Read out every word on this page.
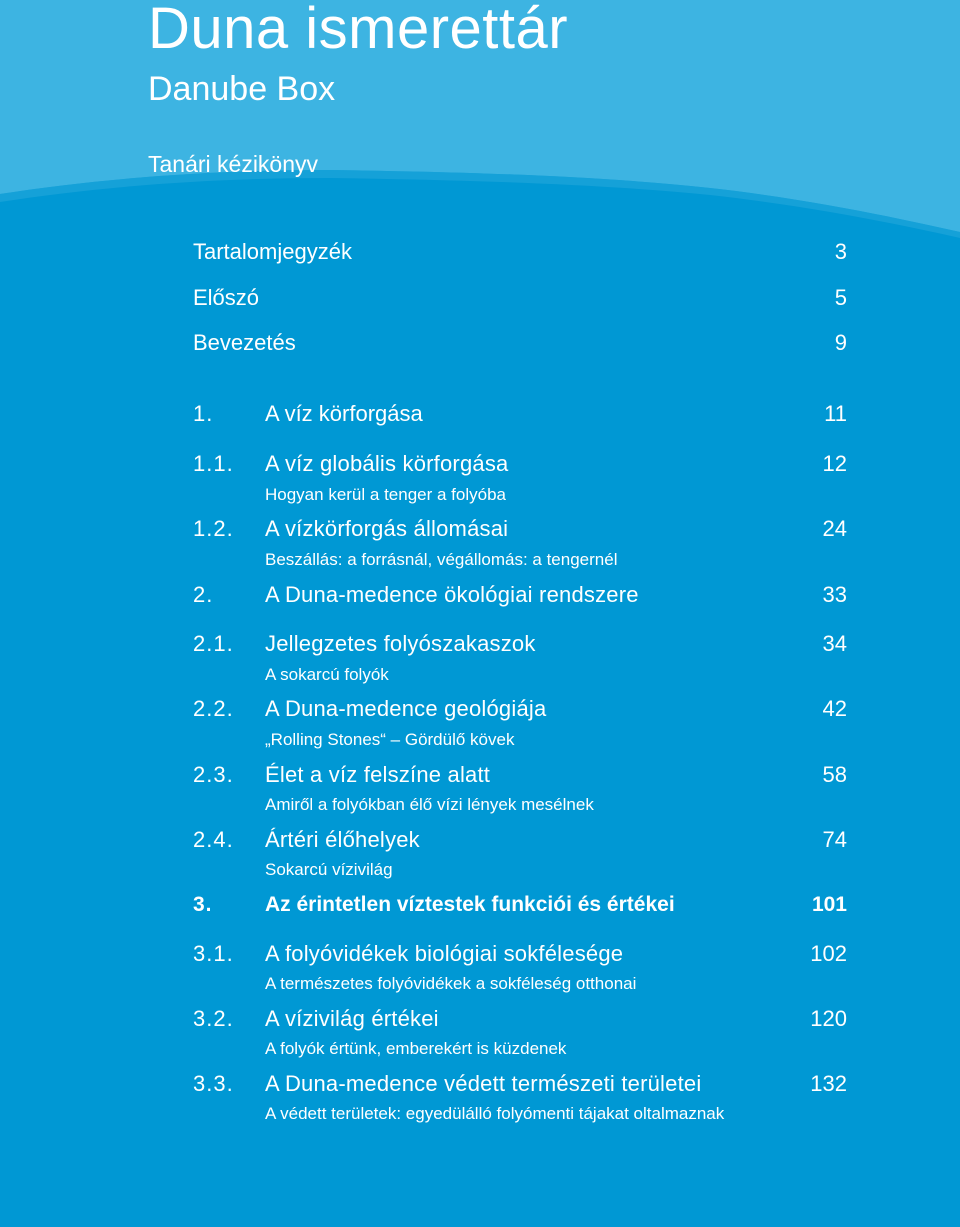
Duna ismerettár
Danube Box
Tanári kézikönyv
Tartalomjegyzék	3
Előszó	5
Bevezetés	9
1. A víz körforgása	11
1.1. A víz globális körforgása	12
Hogyan kerül a tenger a folyóba
1.2. A vízkörforgás állomásai	24
Beszállás: a forrásnál, végállomás: a tengernél
2. A Duna-medence ökológiai rendszere	33
2.1. Jellegzetes folyószakaszok	34
A sokarcú folyók
2.2. A Duna-medence geológiája	42
„Rolling Stones“ – Gördülő kövek
2.3. Élet a víz felszíne alatt	58
Amiről a folyókban élő vízi lények mesélnek
2.4. Ártéri élőhelyek	74
Sokarcú vízivilág
3. Az érintetlen víztestek funkciói és értékei	101
3.1. A folyóvidékek biológiai sokfélesége	102
A természetes folyóvidékek a sokféleség otthonai
3.2. A vízivilág értékei	120
A folyók értünk, emberekért is küzdenek
3.3. A Duna-medence védett természeti területei	132
A védett területek: egyedülálló folyómenti tájakat oltalmaznak
